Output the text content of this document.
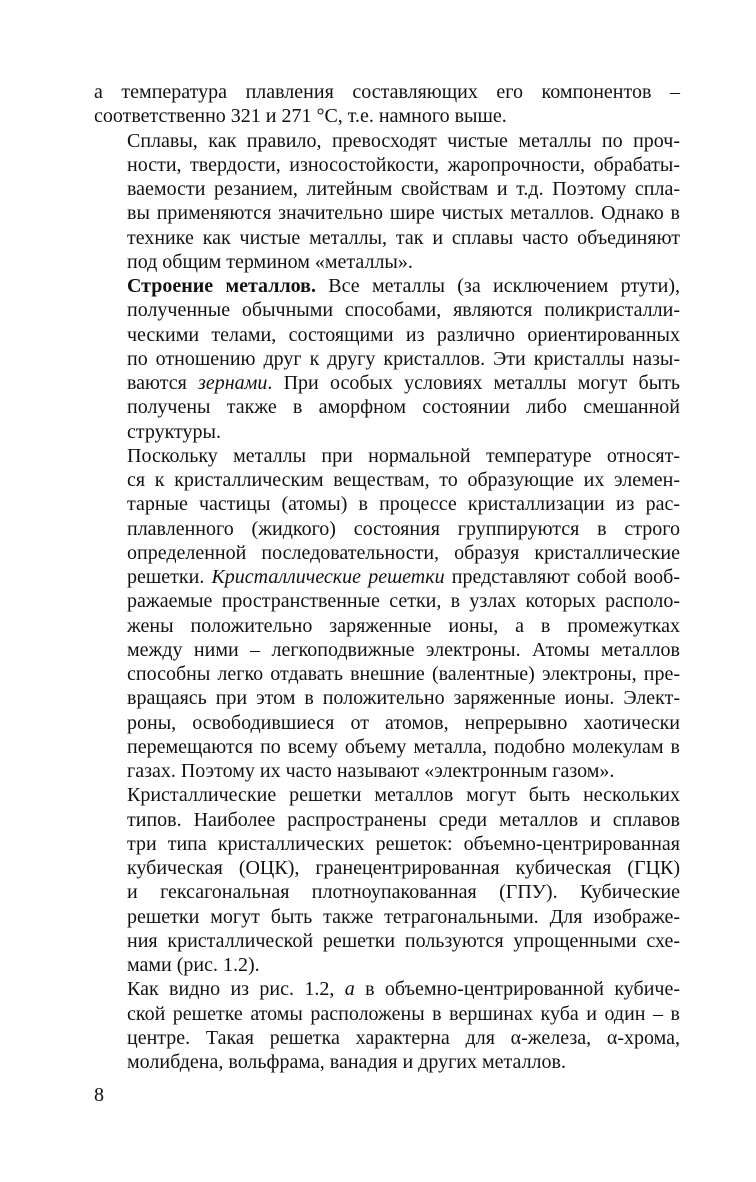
а температура плавления составляющих его компонентов –
соответственно 321 и 271 °С, т.е. намного выше.

Сплавы, как правило, превосходят чистые металлы по проч-
ности, твердости, износостойкости, жаропрочности, обрабаты-
ваемости резанием, литейным свойствам и т.д. Поэтому спла-
вы применяются значительно шире чистых металлов. Однако в
технике как чистые металлы, так и сплавы часто объединяют
под общим термином «металлы».

Строение металлов. Все металлы (за исключением ртути),
полученные обычными способами, являются поликристалли-
ческими телами, состоящими из различно ориентированных
по отношению друг к другу кристаллов. Эти кристаллы назы-
ваются зернами. При особых условиях металлы могут быть
получены также в аморфном состоянии либо смешанной
структуры.

Поскольку металлы при нормальной температуре относят-
ся к кристаллическим веществам, то образующие их элемен-
тарные частицы (атомы) в процессе кристаллизации из рас-
плавленного (жидкого) состояния группируются в строго
определенной последовательности, образуя кристаллические
решетки. Кристаллические решетки представляют собой вооб-
ражаемые пространственные сетки, в узлах которых располо-
жены положительно заряженные ионы, а в промежутках
между ними – легкоподвижные электроны. Атомы металлов
способны легко отдавать внешние (валентные) электроны, пре-
вращаясь при этом в положительно заряженные ионы. Элект-
роны, освободившиеся от атомов, непрерывно хаотически
перемещаются по всему объему металла, подобно молекулам в
газах. Поэтому их часто называют «электронным газом».

Кристаллические решетки металлов могут быть нескольких
типов. Наиболее распространены среди металлов и сплавов
три типа кристаллических решеток: объемно-центрированная
кубическая (ОЦК), гранецентрированная кубическая (ГЦК)
и гексагональная плотноупакованная (ГПУ). Кубические
решетки могут быть также тетрагональными. Для изображе-
ния кристаллической решетки пользуются упрощенными схе-
мами (рис. 1.2).

Как видно из рис. 1.2, а в объемно-центрированной кубиче-
ской решетке атомы расположены в вершинах куба и один – в
центре. Такая решетка характерна для α-железа, α-хрома,
молибдена, вольфрама, ванадия и других металлов.

8
